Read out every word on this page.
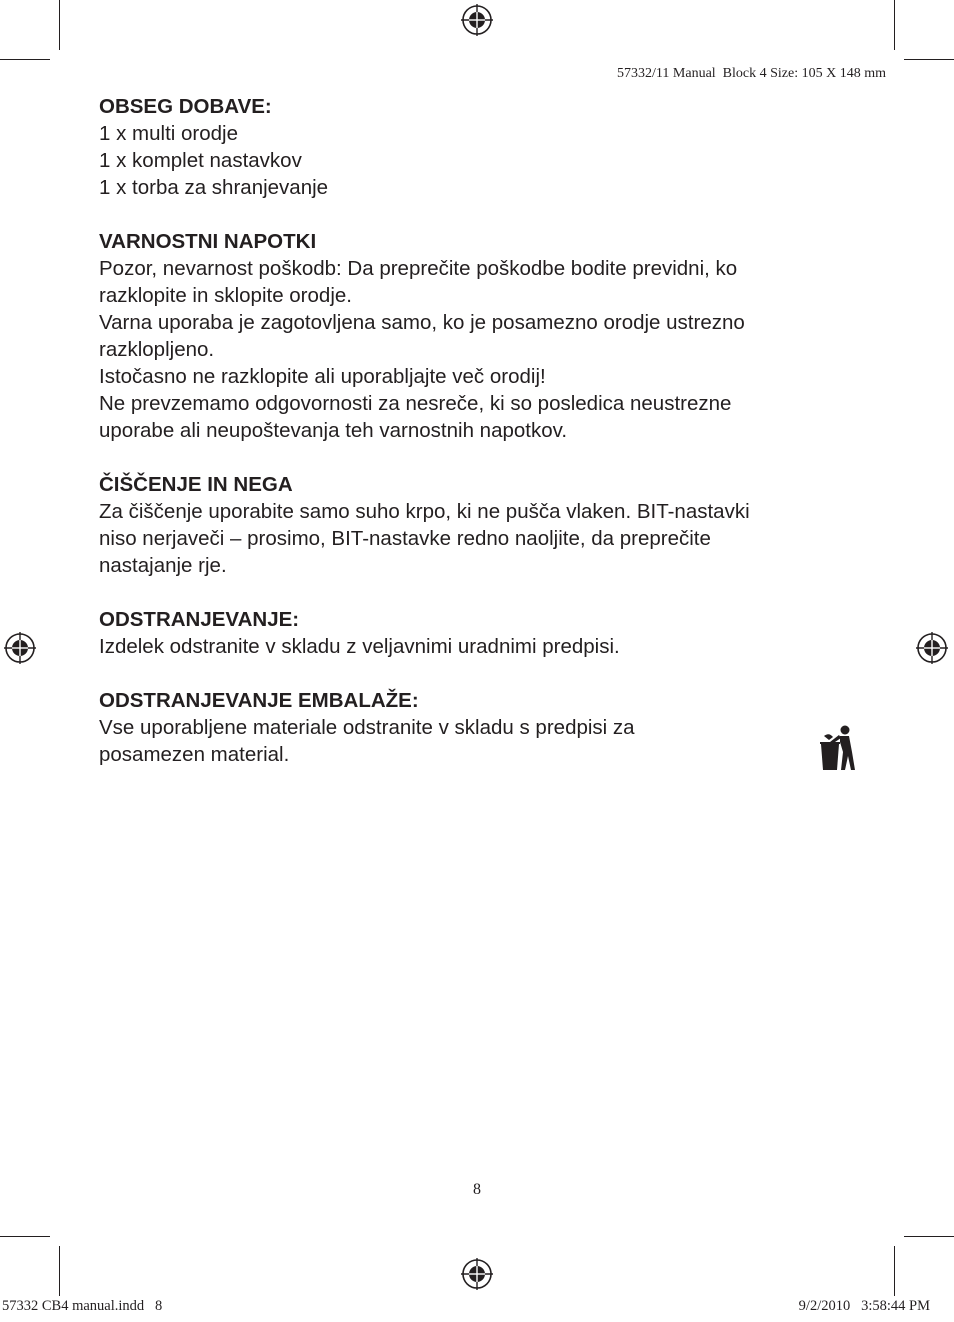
57332/11 Manual  Block 4 Size: 105 X 148 mm
OBSEG DOBAVE:

1 x multi orodje

1 x komplet nastavkov

1 x torba za shranjevanje

VARNOSTNI NAPOTKI

Pozor, nevarnost poškodb: Da preprečite poškodbe bodite previdni, ko

razklopite in sklopite orodje.

Varna uporaba je zagotovljena samo, ko je posamezno orodje ustrezno

razklopljeno.

Istočasno ne razklopite ali uporabljajte več orodij!

Ne prevzemamo odgovornosti za nesreče, ki so posledica neustrezne

uporabe ali neupoštevanja teh varnostnih napotkov.

ČIŠČENJE IN NEGA

Za čiščenje uporabite samo suho krpo, ki ne pušča vlaken. BIT-nastavki

niso nerjaveči – prosimo, BIT-nastavke redno naoljite, da preprečite

nastajanje rje.

ODSTRANJEVANJE:

Izdelek odstranite v skladu z veljavnimi uradnimi predpisi.

ODSTRANJEVANJE EMBALAŽE:

Vse uporabljene materiale odstranite v skladu s predpisi za

posamezen material.

8
57332 CB4 manual.indd   8	9/2/2010   3:58:44 PM
